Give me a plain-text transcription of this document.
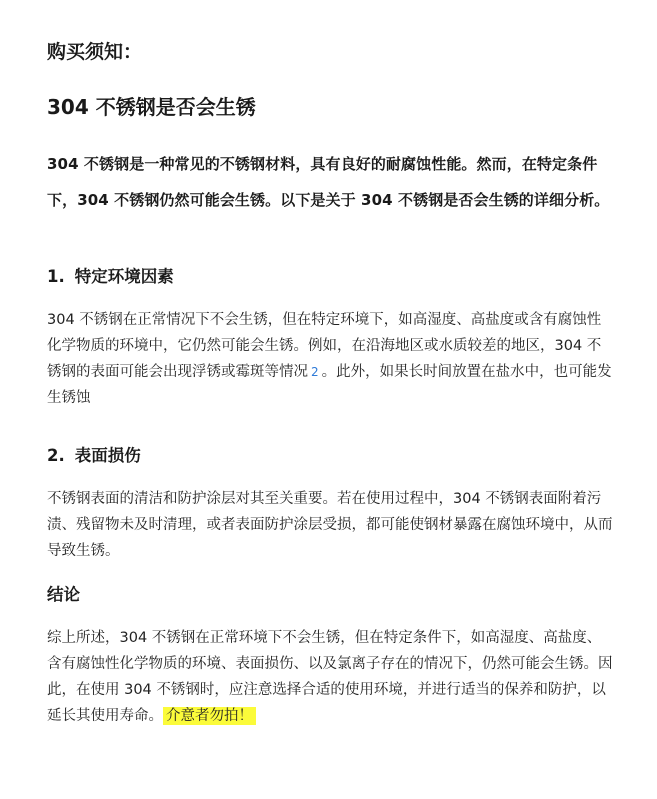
购买须知：
304 不锈钢是否会生锈
304 不锈钢是一种常见的不锈钢材料，具有良好的耐腐蚀性能。然而，在特定条件下，304 不锈钢仍然可能会生锈。以下是关于 304 不锈钢是否会生锈的详细分析。
1. 特定环境因素
304 不锈钢在正常情况下不会生锈，但在特定环境下，如高湿度、高盐度或含有腐蚀性化学物质的环境中，它仍然可能会生锈。例如，在沿海地区或水质较差的地区，304 不锈钢的表面可能会出现浮锈或霉斑等情况 2 。此外，如果长时间放置在盐水中，也可能发生锈蚀
2. 表面损伤
不锈钢表面的清洁和防护涂层对其至关重要。若在使用过程中，304 不锈钢表面附着污渍、残留物未及时清理，或者表面防护涂层受损，都可能使钢材暴露在腐蚀环境中，从而导致生锈。
结论
综上所述，304 不锈钢在正常环境下不会生锈，但在特定条件下，如高湿度、高盐度、含有腐蚀性化学物质的环境、表面损伤、以及氯离子存在的情况下，仍然可能会生锈。因此，在使用 304 不锈钢时，应注意选择合适的使用环境，并进行适当的保养和防护，以延长其使用寿命。 介意者勿拍！
